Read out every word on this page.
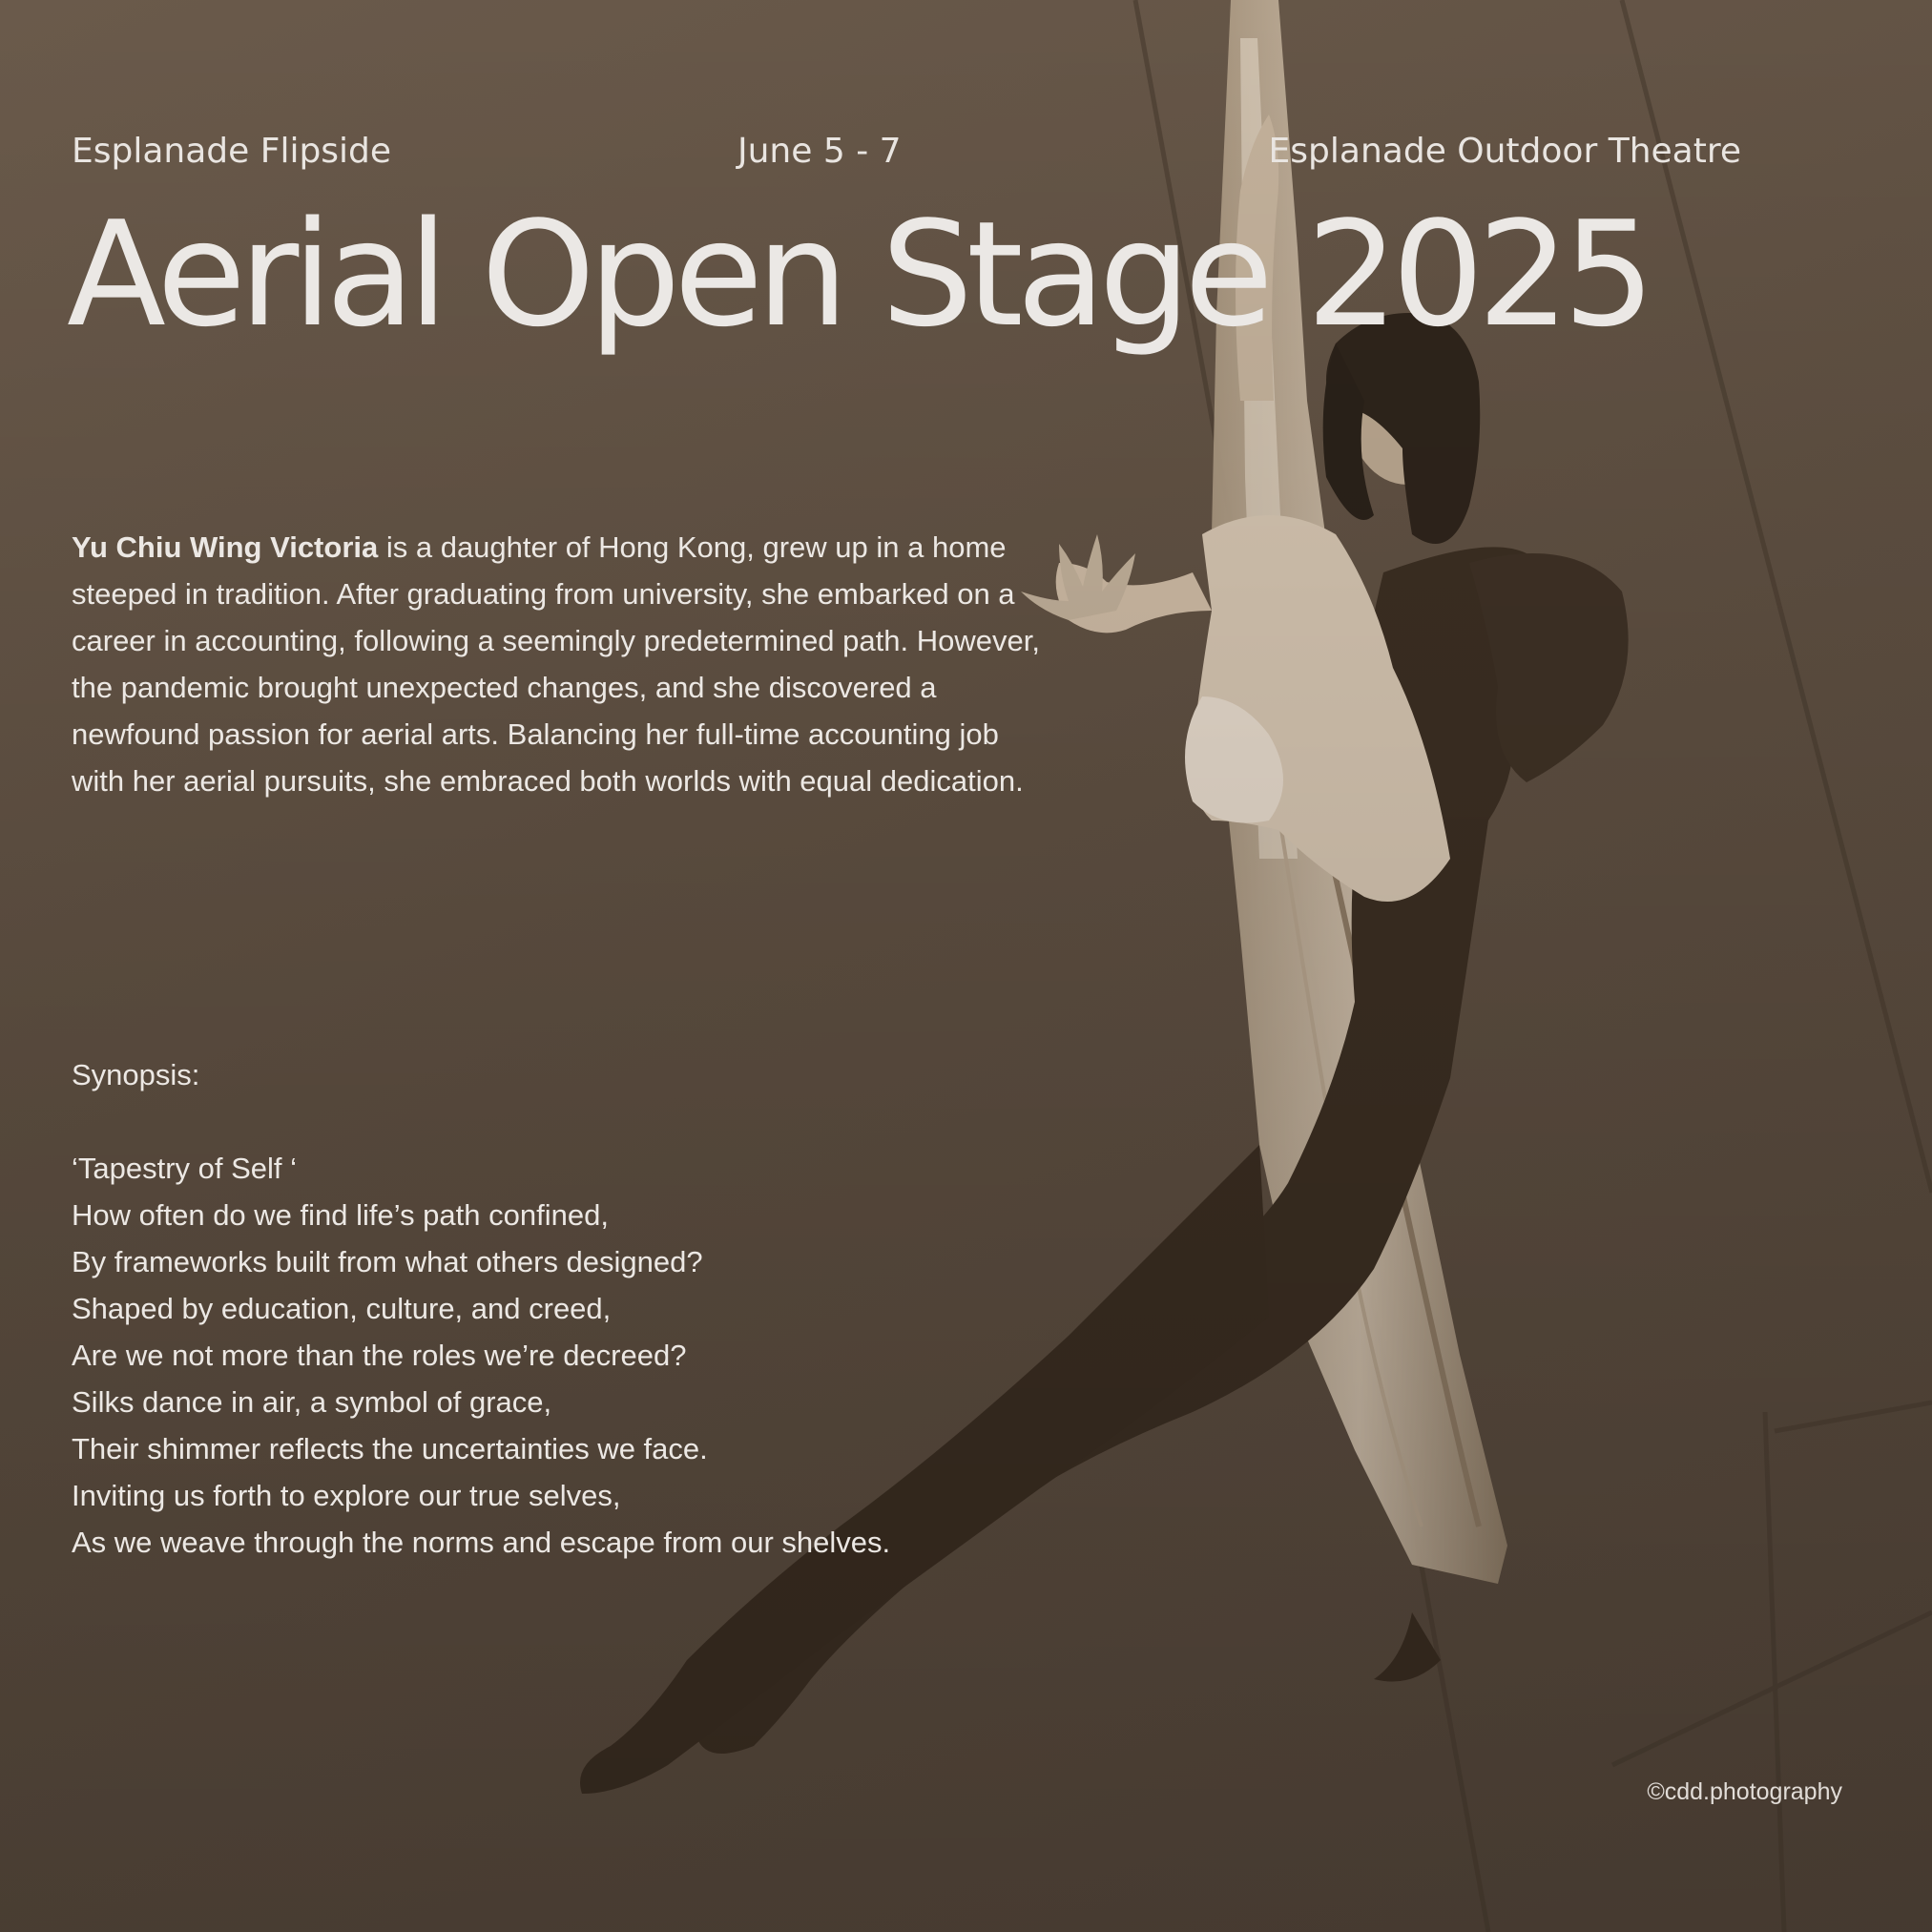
Esplanade Flipside	June 5 - 7	Esplanade Outdoor Theatre
Aerial Open Stage 2025

Yu Chiu Wing Victoria is a daughter of Hong Kong, grew up in a home steeped in tradition. After graduating from university, she embarked on a career in accounting, following a seemingly predetermined path. However, the pandemic brought unexpected changes, and she discovered a newfound passion for aerial arts. Balancing her full-time accounting job with her aerial pursuits, she embraced both worlds with equal dedication.

Synopsis:
‘Tapestry of Self ‘
How often do we find life’s path confined,
By frameworks built from what others designed?
Shaped by education, culture, and creed,
Are we not more than the roles we’re decreed?
Silks dance in air, a symbol of grace,
Their shimmer reflects the uncertainties we face.
Inviting us forth to explore our true selves,
As we weave through the norms and escape from our shelves.
©cdd.photography
